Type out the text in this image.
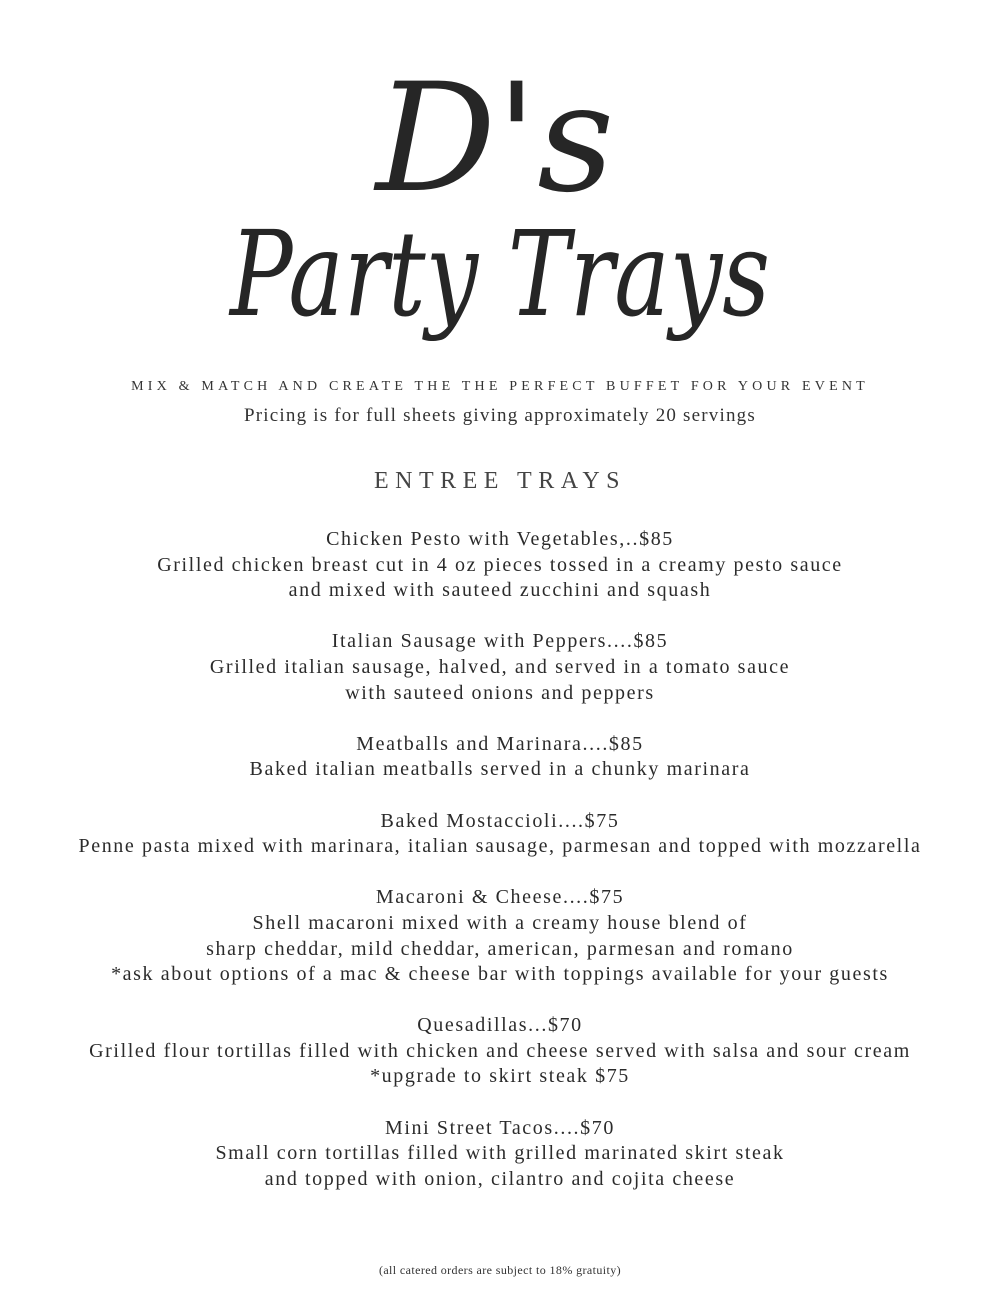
D's
Party Trays
MIX & MATCH AND CREATE THE THE PERFECT BUFFET FOR YOUR EVENT
Pricing is for full sheets giving approximately 20 servings
ENTREE TRAYS
Chicken Pesto with Vegetables,..$85
Grilled chicken breast cut in 4 oz pieces tossed in a creamy pesto sauce
and mixed with sauteed zucchini and squash
Italian Sausage with Peppers....$85
Grilled italian sausage, halved, and served in a tomato sauce
with sauteed onions and peppers
Meatballs and Marinara....$85
Baked italian meatballs served in a chunky marinara
Baked Mostaccioli....$75
Penne pasta mixed with marinara, italian sausage, parmesan and topped with mozzarella
Macaroni & Cheese....$75
Shell macaroni mixed with a creamy house blend of
sharp cheddar, mild cheddar, american, parmesan and romano
*ask about options of a mac & cheese bar with toppings available for your guests
Quesadillas...$70
Grilled flour tortillas filled with chicken and cheese served with salsa and sour cream
*upgrade to skirt steak $75
Mini Street Tacos....$70
Small corn tortillas filled with grilled marinated skirt steak
and topped with onion, cilantro and cojita cheese
(all catered orders are subject to 18% gratuity)
